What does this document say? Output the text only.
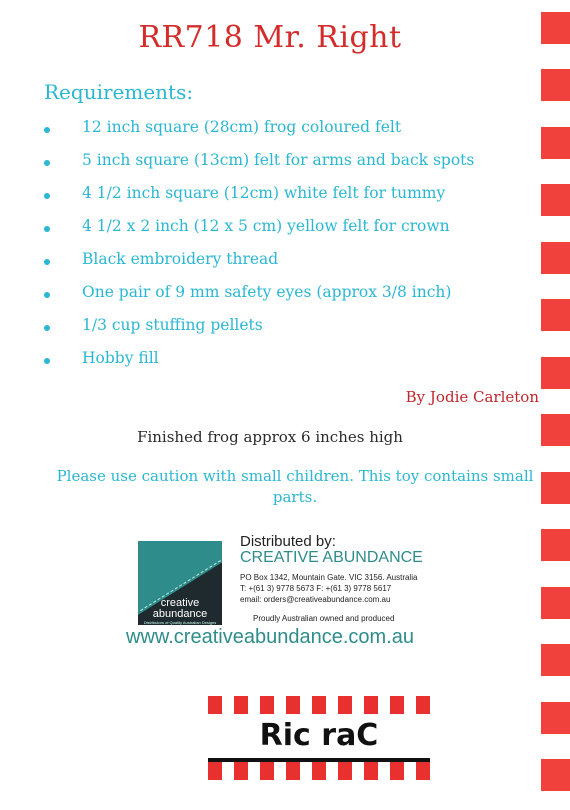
RR718 Mr. Right
Requirements:
12 inch square (28cm) frog coloured felt
5 inch square (13cm) felt for arms and back spots
4 1/2 inch square (12cm) white felt for tummy
4 1/2 x 2 inch (12 x 5 cm) yellow felt for crown
Black embroidery thread
One pair of 9 mm safety eyes (approx 3/8 inch)
1/3 cup stuffing pellets
Hobby fill
By Jodie Carleton
Finished frog approx 6 inches high
Please use caution with small children. This toy contains small parts.
creative
abundance
Distributors of Quality Australian Designs
Distributed by:
CREATIVE ABUNDANCE
PO Box 1342, Mountain Gate. VIC 3156. Australia
T: +(61 3) 9778 5673 F: +(61 3) 9778 5617
email: orders@creativeabundance.com.au
Proudly Australian owned and produced
www.creativeabundance.com.au
Ric raC
